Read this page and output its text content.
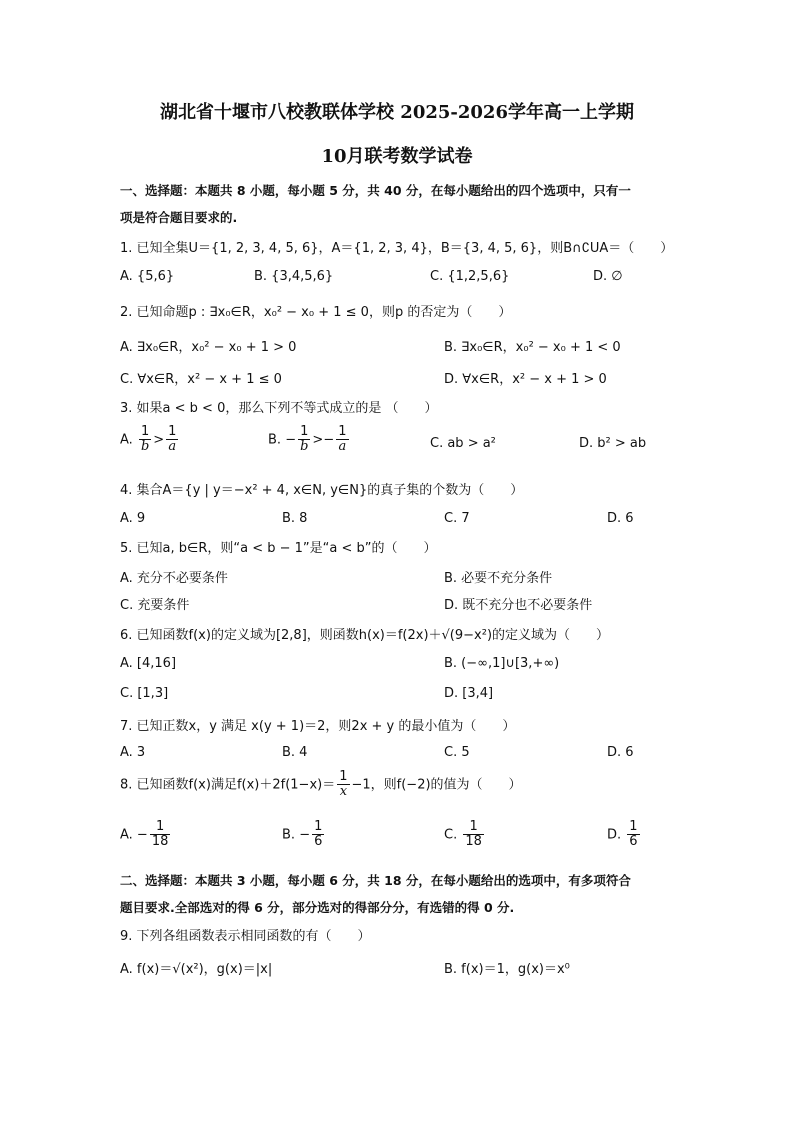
湖北省十堰市八校教联体学校 2025-2026学年高一上学期
10月联考数学试卷
一、选择题：本题共 8 小题，每小题 5 分，共 40 分，在每小题给出的四个选项中，只有一
项是符合题目要求的.
1. 已知全集U＝{1, 2, 3, 4, 5, 6}，A＝{1, 2, 3, 4}，B＝{3, 4, 5, 6}，则B∩∁UA＝（　　）
A. {5,6}	B. {3,4,5,6}	C. {1,2,5,6}	D. ∅
2. 已知命题p : ∃x₀∈R，x₀² − x₀ + 1 ≤ 0，则p 的否定为（　　）
A. ∃x₀∈R，x₀² − x₀ + 1 > 0	B. ∃x₀∈R，x₀² − x₀ + 1 < 0
C. ∀x∈R，x² − x + 1 ≤ 0	D. ∀x∈R，x² − x + 1 > 0
3. 如果a < b < 0，那么下列不等式成立的是 （　　）
A. $\frac{1}{b} > \frac{1}{a}$	B. − $\frac{1}{b} >- \frac{1}{a}$	C. ab > a²	D. b² > ab
4. 集合A＝{y | y＝−x² + 4, x∈N, y∈N}的真子集的个数为（　　）
A. 9	B. 8	C. 7	D. 6
5. 已知a, b∈R，则“a < b − 1”是“a < b”的（　　）
A. 充分不必要条件	B. 必要不充分条件
C. 充要条件	D. 既不充分也不必要条件
6. 已知函数f(x)的定义域为[2,8]，则函数h(x)＝f(2x)＋√(9−x²)的定义域为（　　）
A. [4,16]	B. (−∞,1]∪[3,+∞)
C. [1,3]	D. [3,4]
7. 已知正数x，y 满足 x(y + 1)＝2，则2x + y 的最小值为（　　）
A. 3	B. 4	C. 5	D. 6
8. 已知函数f(x)满足$f(x)+2f(1-x)= \frac{1}{x} -1$，则f(−2)的值为（　　）
A. − $\frac{1}{18}$	B. − $\frac{1}{6}$	C. $\frac{1}{18}$	D. $\frac{1}{6}$
二、选择题：本题共 3 小题，每小题 6 分，共 18 分，在每小题给出的选项中，有多项符合
题目要求.全部选对的得 6 分，部分选对的得部分分，有选错的得 0 分.
9. 下列各组函数表示相同函数的有（　　）
A. f(x)＝√(x²)，g(x)＝|x|	B. f(x)＝1，g(x)＝x⁰
